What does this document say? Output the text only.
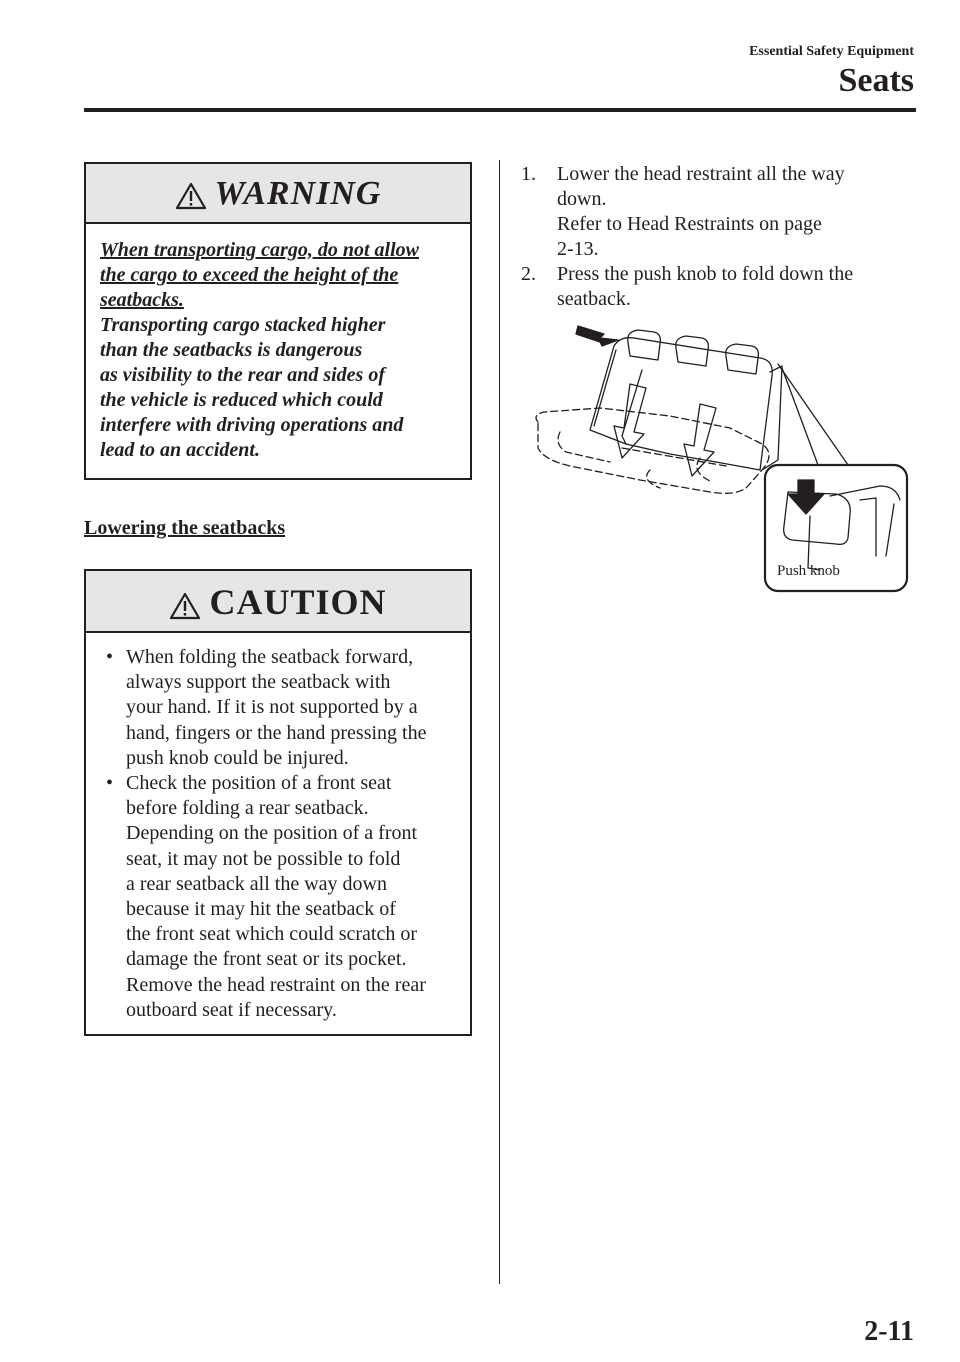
Essential Safety Equipment
Seats
WARNING
When transporting cargo, do not allow
the cargo to exceed the height of the
seatbacks.
Transporting cargo stacked higher
than the seatbacks is dangerous
as visibility to the rear and sides of
the vehicle is reduced which could
interfere with driving operations and
lead to an accident.
Lowering the seatbacks
CAUTION
• When folding the seatback forward,
always support the seatback with
your hand. If it is not supported by a
hand, fingers or the hand pressing the
push knob could be injured.
• Check the position of a front seat
before folding a rear seatback.
Depending on the position of a front
seat, it may not be possible to fold
a rear seatback all the way down
because it may hit the seatback of
the front seat which could scratch or
damage the front seat or its pocket.
Remove the head restraint on the rear
outboard seat if necessary.
1. Lower the head restraint all the way
down.
Refer to Head Restraints on page
2-13.
2. Press the push knob to fold down the
seatback.
Push knob
2-11
